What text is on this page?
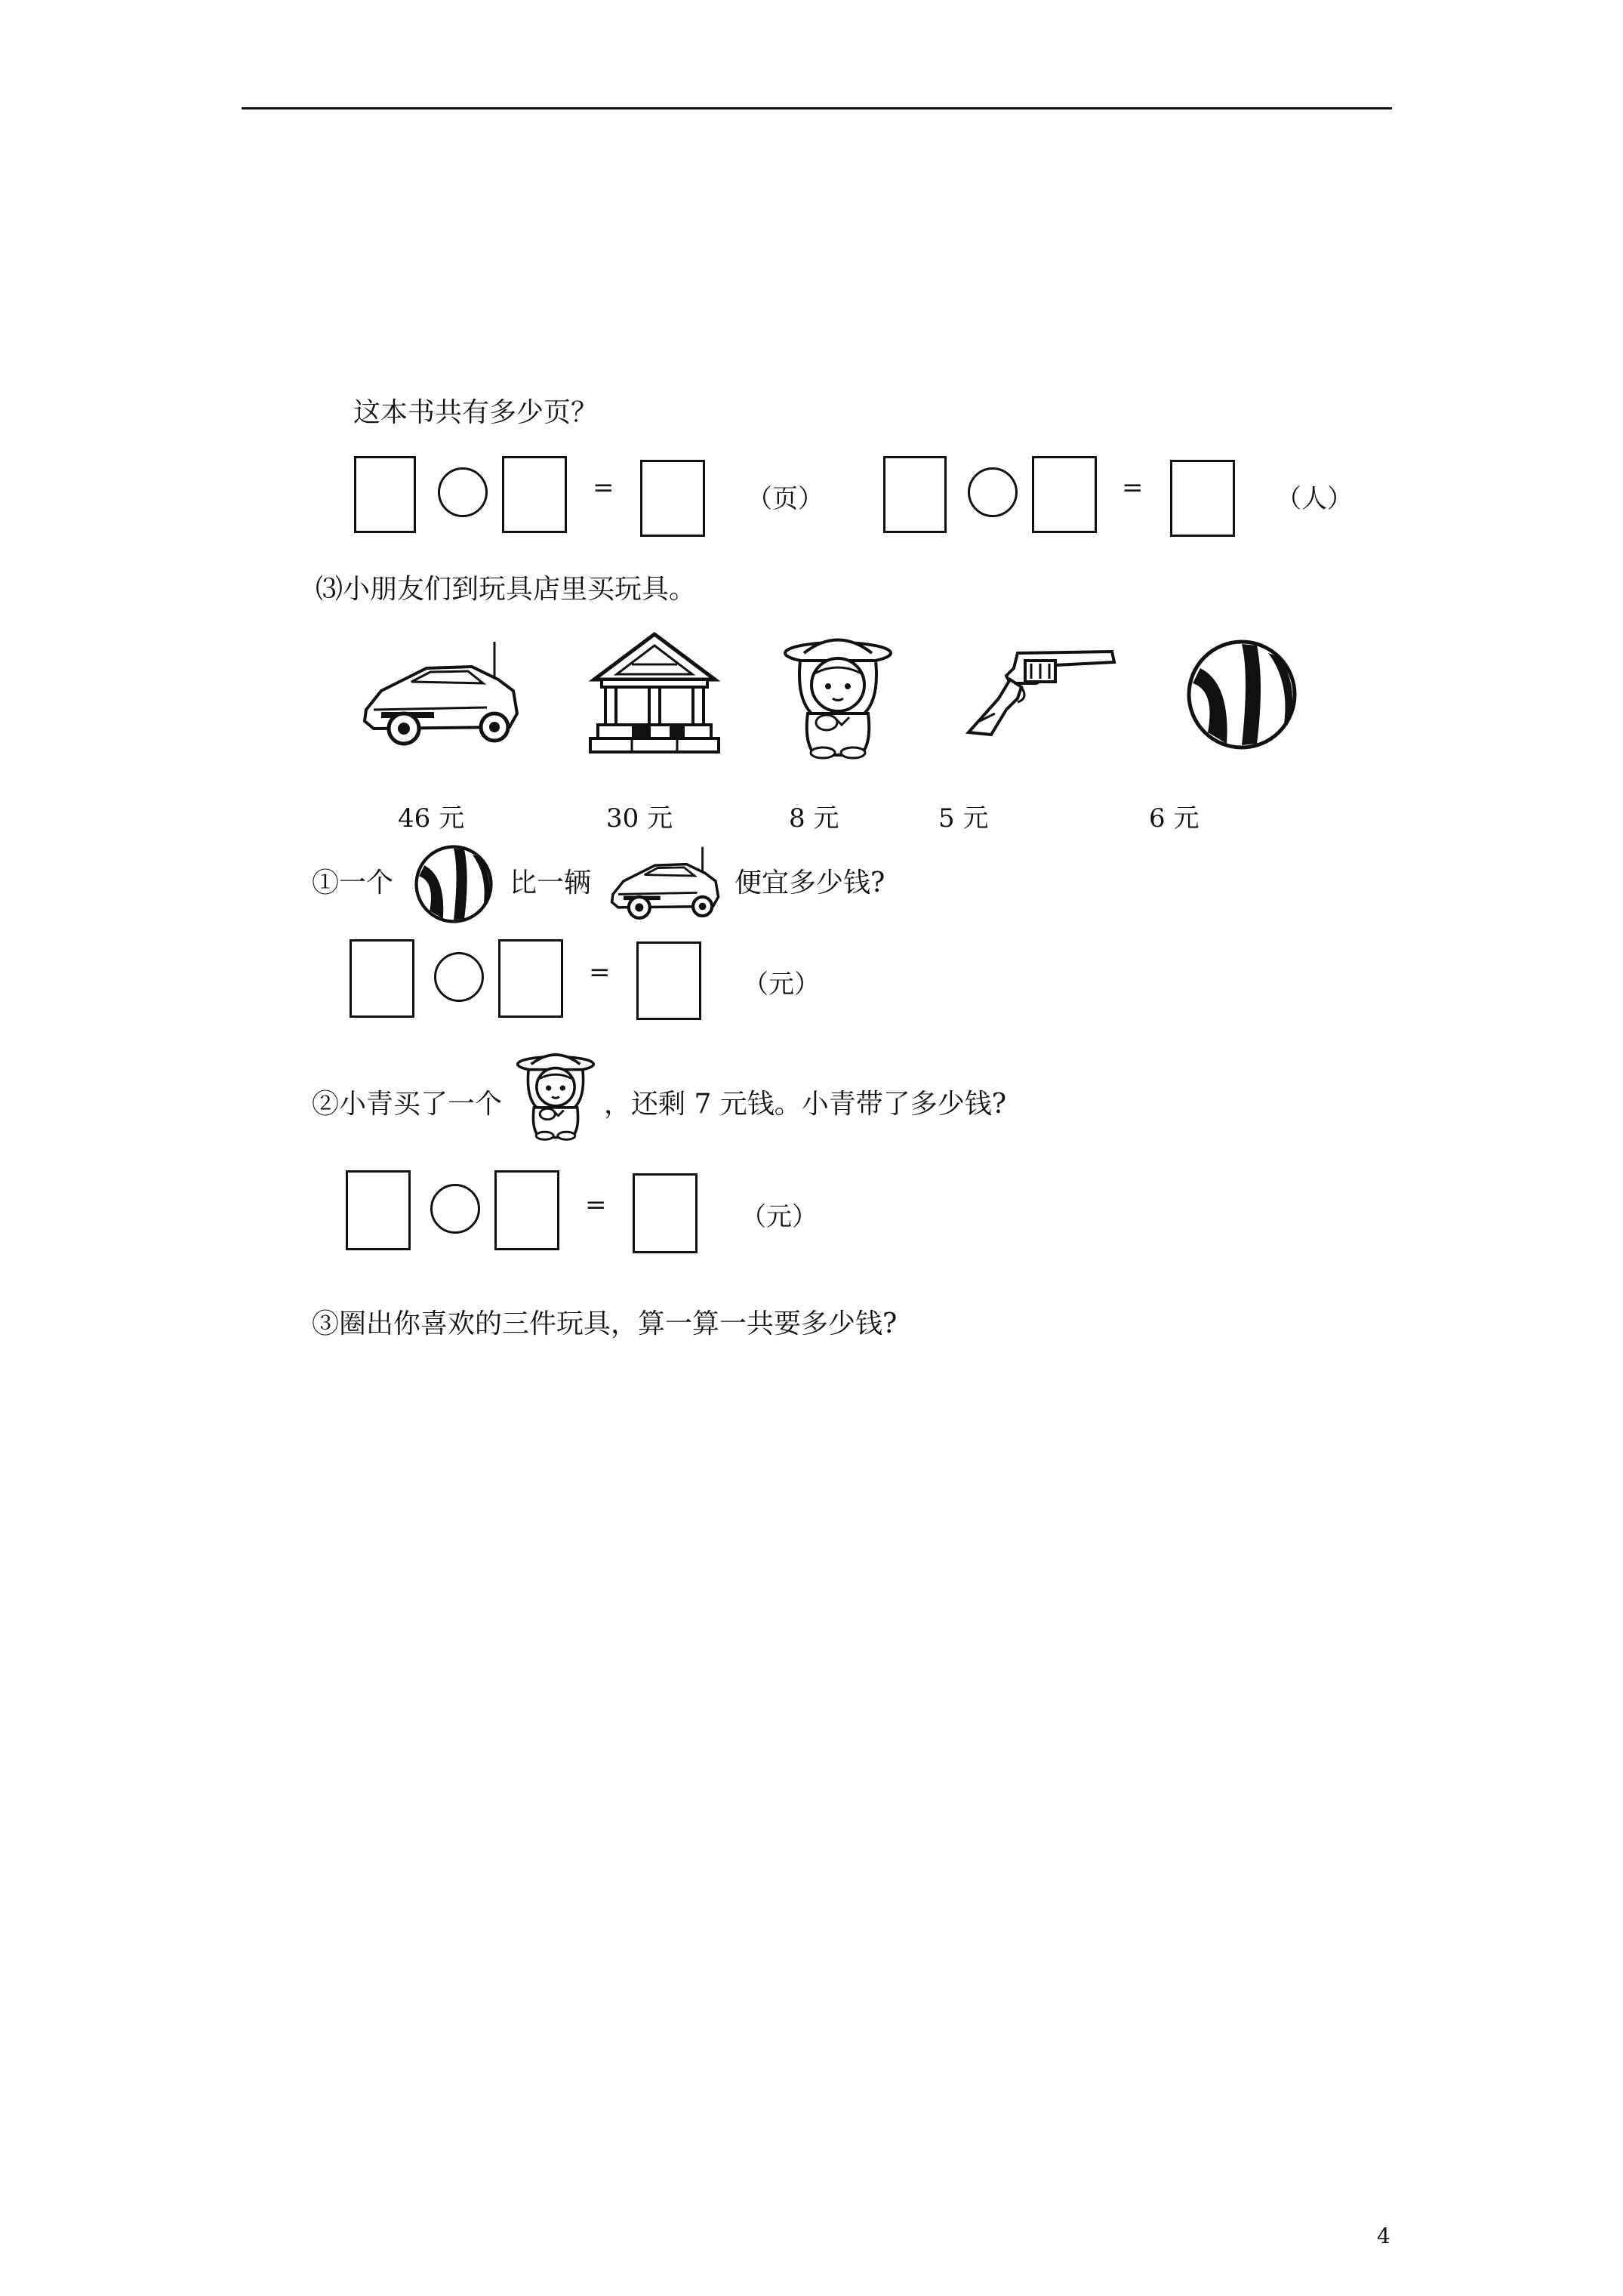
这本书共有多少页？
=	（页）	=	（人）
⑶小朋友们到玩具店里买玩具。
46 元	30 元	8 元	5 元	6 元
①一个	比一辆	便宜多少钱?
=	（元）
②小青买了一个	，还剩 7 元钱。小青带了多少钱?
=	（元）
③圈出你喜欢的三件玩具，算一算一共要多少钱?
4
